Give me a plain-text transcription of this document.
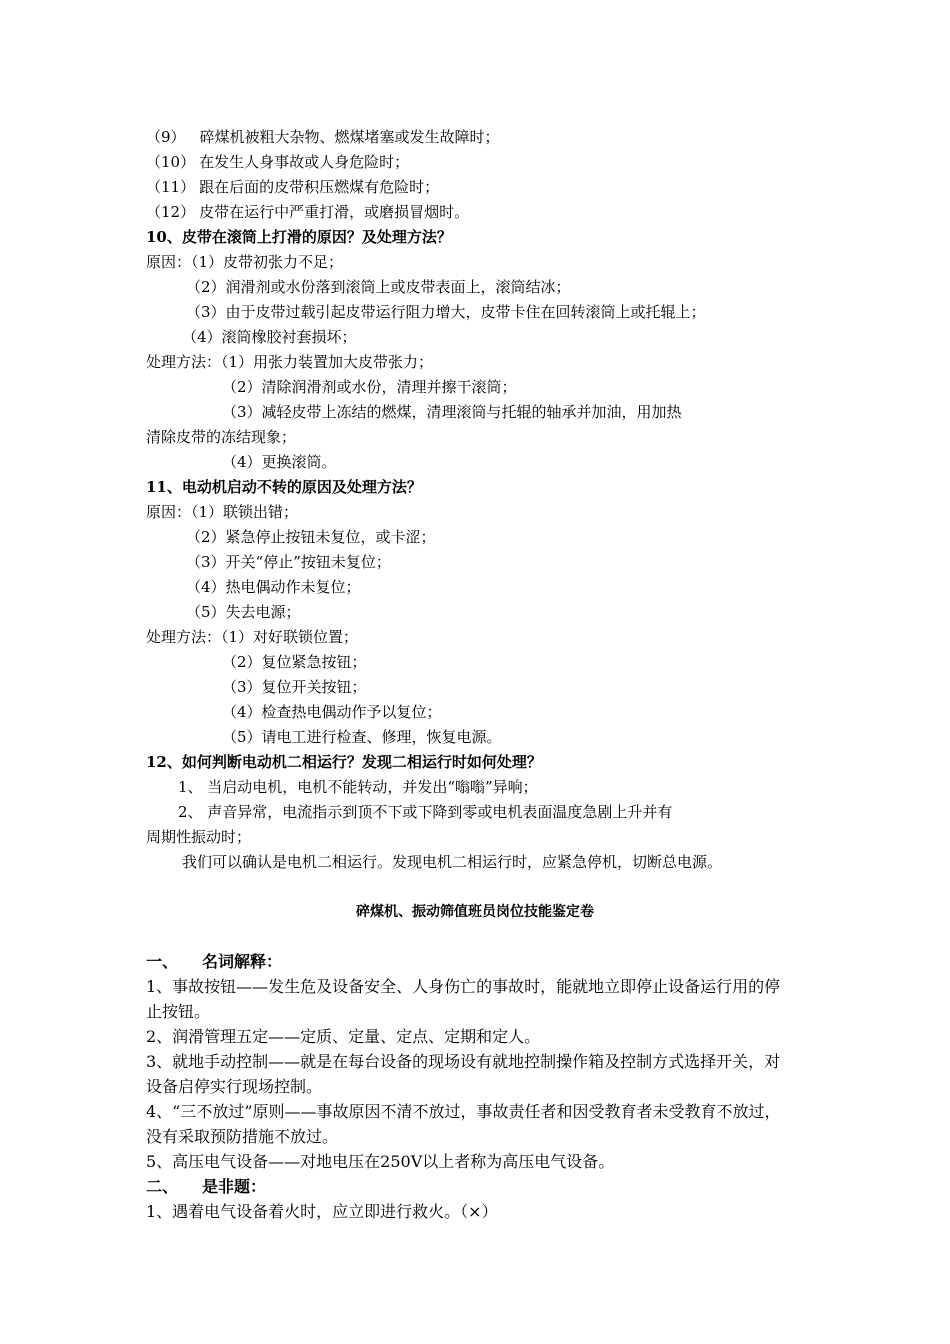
（9） 碎煤机被粗大杂物、燃煤堵塞或发生故障时；
（10） 在发生人身事故或人身危险时；
（11） 跟在后面的皮带积压燃煤有危险时；
（12） 皮带在运行中严重打滑，或磨损冒烟时。
10、皮带在滚筒上打滑的原因？及处理方法？
原因：（1）皮带初张力不足；
（2）润滑剂或水份落到滚筒上或皮带表面上，滚筒结冰；
（3）由于皮带过载引起皮带运行阻力增大，皮带卡住在回转滚筒上或托辊上；
（4）滚筒橡胶衬套损坏；
处理方法：（1）用张力装置加大皮带张力；
（2）清除润滑剂或水份，清理并擦干滚筒；
（3）减轻皮带上冻结的燃煤，清理滚筒与托辊的轴承并加油，用加热
清除皮带的冻结现象；
（4）更换滚筒。
11、电动机启动不转的原因及处理方法？
原因：（1）联锁出错；
（2）紧急停止按钮未复位，或卡涩；
（3）开关“停止”按钮未复位；
（4）热电偶动作未复位；
（5）失去电源；
处理方法：（1）对好联锁位置；
（2）复位紧急按钮；
（3）复位开关按钮；
（4）检查热电偶动作予以复位；
（5）请电工进行检查、修理，恢复电源。
12、如何判断电动机二相运行？发现二相运行时如何处理？
1、 当启动电机，电机不能转动，并发出“嗡嗡”异响；
2、 声音异常，电流指示到顶不下或下降到零或电机表面温度急剧上升并有
周期性振动时；
我们可以确认是电机二相运行。发现电机二相运行时，应紧急停机，切断总电源。
碎煤机、振动筛值班员岗位技能鉴定卷
一、 名词解释：
1、事故按钮——发生危及设备安全、人身伤亡的事故时，能就地立即停止设备运行用的停
止按钮。
2、润滑管理五定——定质、定量、定点、定期和定人。
3、就地手动控制——就是在每台设备的现场设有就地控制操作箱及控制方式选择开关，对
设备启停实行现场控制。
4、“三不放过”原则——事故原因不清不放过，事故责任者和因受教育者未受教育不放过，
没有采取预防措施不放过。
5、高压电气设备——对地电压在250V以上者称为高压电气设备。
二、 是非题：
1、遇着电气设备着火时，应立即进行救火。（×）
